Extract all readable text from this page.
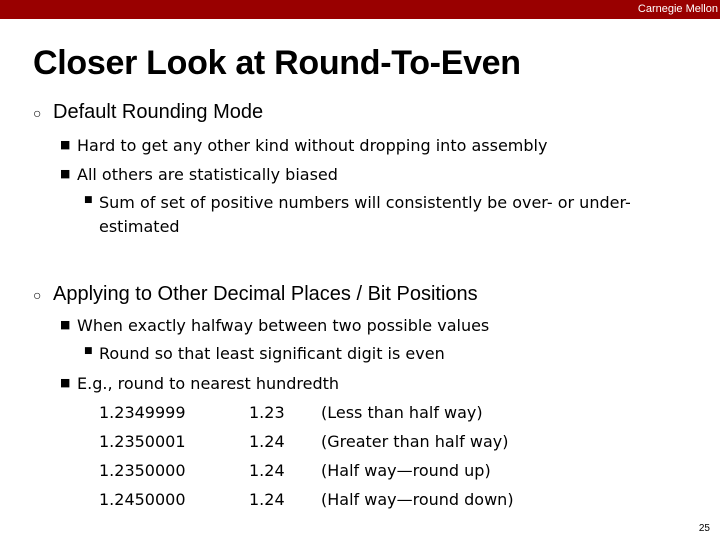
Carnegie Mellon
Closer Look at Round-To-Even
○ Default Rounding Mode
■ Hard to get any other kind without dropping into assembly
■ All others are statistically biased
■ Sum of set of positive numbers will consistently be over- or under-estimated
○ Applying to Other Decimal Places / Bit Positions
■ When exactly halfway between two possible values
■ Round so that least significant digit is even
■ E.g., round to nearest hundredth
1.2349999	1.23 (Less than half way)
1.2350001	1.24 (Greater than half way)
1.2350000	1.24 (Half way—round up)
1.2450000	1.24 (Half way—round down)
25
